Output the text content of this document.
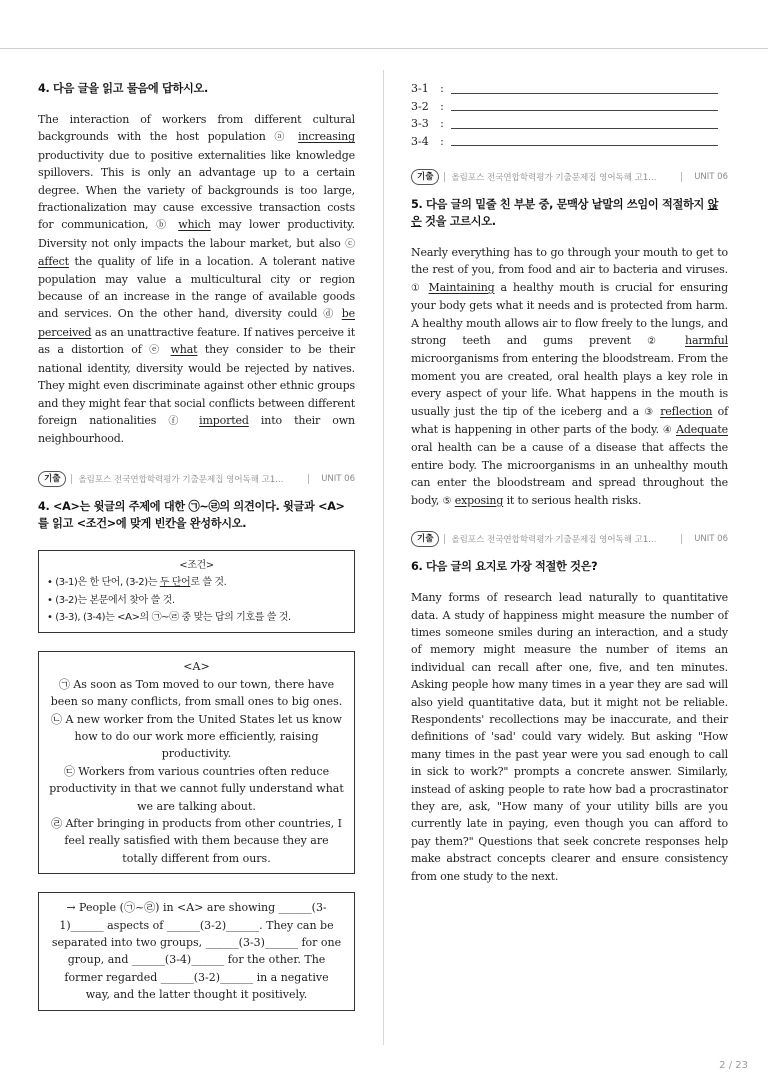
4. 다음 글을 읽고 물음에 답하시오.
The interaction of workers from different cultural backgrounds with the host population ⓐ increasing productivity due to positive externalities like knowledge spillovers. This is only an advantage up to a certain degree. When the variety of backgrounds is too large, fractionalization may cause excessive transaction costs for communication, ⓑ which may lower productivity. Diversity not only impacts the labour market, but also ⓒ affect the quality of life in a location. A tolerant native population may value a multicultural city or region because of an increase in the range of available goods and services. On the other hand, diversity could ⓓ be perceived as an unattractive feature. If natives perceive it as a distortion of ⓔ what they consider to be their national identity, diversity would be rejected by natives. They might even discriminate against other ethnic groups and they might fear that social conflicts between different foreign nationalities ⓕ imported into their own neighbourhood.
기출	올림포스 전국연합학력평가 기출문제집 영어독해 고1...	UNIT 06
4. <A>는 윗글의 주제에 대한 ㉠~㉣의 의견이다. 윗글과 <A>를 읽고 <조건>에 맞게 빈칸을 완성하시오.
<조건>
• (3-1)은 한 단어, (3-2)는 두 단어로 쓸 것.
• (3-2)는 본문에서 찾아 쓸 것.
• (3-3), (3-4)는 <A>의 ㉠~㉣ 중 맞는 답의 기호를 쓸 것.
<A>
㉠ As soon as Tom moved to our town, there have been so many conflicts, from small ones to big ones.
㉡ A new worker from the United States let us know how to do our work more efficiently, raising productivity.
㉢ Workers from various countries often reduce productivity in that we cannot fully understand what we are talking about.
㉣ After bringing in products from other countries, I feel really satisfied with them because they are totally different from ours.
→ People (㉠~㉣) in <A> are showing ______(3-1)______ aspects of ______(3-2)______. They can be separated into two groups, ______(3-3)______ for one group, and ______(3-4)______ for the other. The former regarded ______(3-2)______ in a negative way, and the latter thought it positively.
3-1	:
3-2	:
3-3	:
3-4	:
기출	올림포스 전국연합학력평가 기출문제집 영어독해 고1...	UNIT 06
5. 다음 글의 밑줄 친 부분 중, 문맥상 낱말의 쓰임이 적절하지 않은 것을 고르시오.
Nearly everything has to go through your mouth to get to the rest of you, from food and air to bacteria and viruses. ① Maintaining a healthy mouth is crucial for ensuring your body gets what it needs and is protected from harm. A healthy mouth allows air to flow freely to the lungs, and strong teeth and gums prevent ② harmful microorganisms from entering the bloodstream. From the moment you are created, oral health plays a key role in every aspect of your life. What happens in the mouth is usually just the tip of the iceberg and a ③ reflection of what is happening in other parts of the body. ④ Adequate oral health can be a cause of a disease that affects the entire body. The microorganisms in an unhealthy mouth can enter the bloodstream and spread throughout the body, ⑤ exposing it to serious health risks.
기출	올림포스 전국연합학력평가 기출문제집 영어독해 고1...	UNIT 06
6. 다음 글의 요지로 가장 적절한 것은?
Many forms of research lead naturally to quantitative data. A study of happiness might measure the number of times someone smiles during an interaction, and a study of memory might measure the number of items an individual can recall after one, five, and ten minutes. Asking people how many times in a year they are sad will also yield quantitative data, but it might not be reliable. Respondents' recollections may be inaccurate, and their definitions of 'sad' could vary widely. But asking "How many times in the past year were you sad enough to call in sick to work?" prompts a concrete answer. Similarly, instead of asking people to rate how bad a procrastinator they are, ask, "How many of your utility bills are you currently late in paying, even though you can afford to pay them?" Questions that seek concrete responses help make abstract concepts clearer and ensure consistency from one study to the next.
2 / 23
